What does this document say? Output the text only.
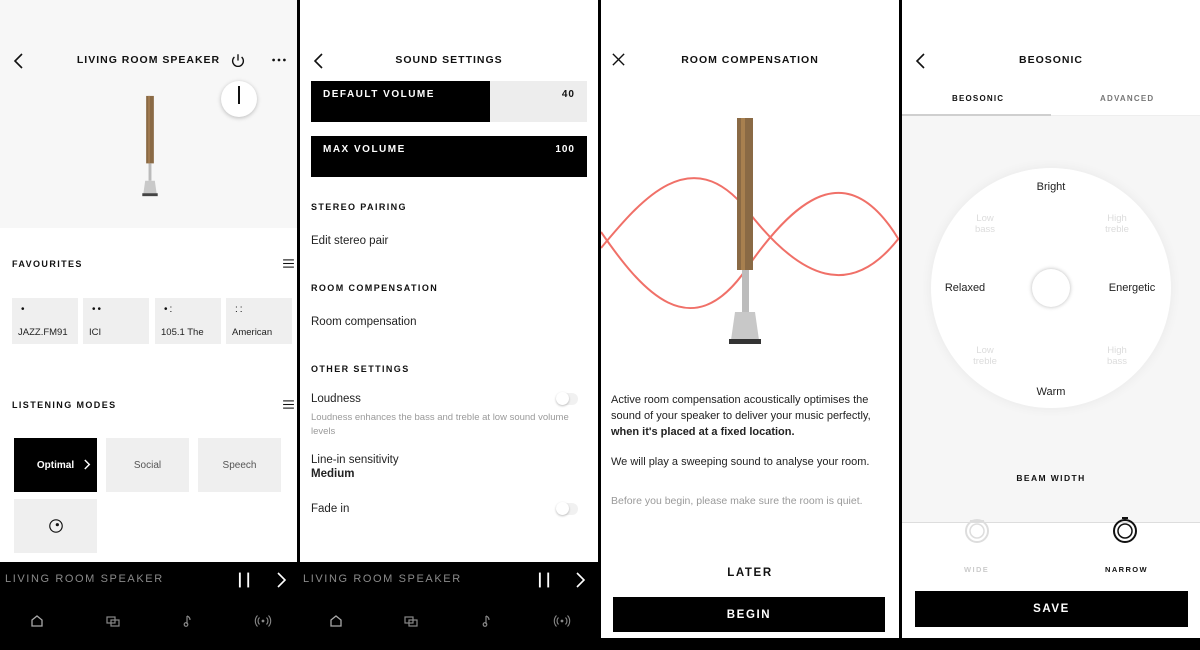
LIVING ROOM SPEAKER
FAVOURITES
•
JAZZ.FM91
••
ICI
•:
105.1 The
::
American
LISTENING MODES
Optimal	Social	Speech
LIVING ROOM SPEAKER
SOUND SETTINGS
DEFAULT VOLUME	40
MAX VOLUME	100
STEREO PAIRING
Edit stereo pair
ROOM COMPENSATION
Room compensation
OTHER SETTINGS
Loudness
Loudness enhances the bass and treble at low sound volume levels
Line-in sensitivity
Medium
Fade in
LIVING ROOM SPEAKER
ROOM COMPENSATION
Active room compensation acoustically optimises the sound of your speaker to deliver your music perfectly, when it's placed at a fixed location.
We will play a sweeping sound to analyse your room.
Before you begin, please make sure the room is quiet.
LATER
BEGIN
BEOSONIC
BEOSONIC	ADVANCED
Bright
Warm
Relaxed	Energetic
Low bass
High treble
Low treble
High bass
BEAM WIDTH
WIDE	NARROW
SAVE
